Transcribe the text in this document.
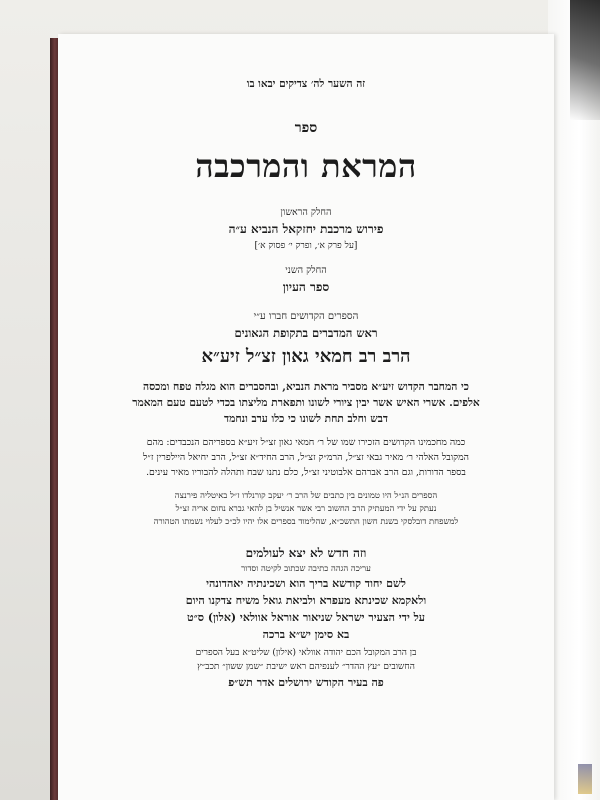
זה השער לה׳ צדיקים יבאו בו

ספר

המראת והמרכבה

החלק הראשון

פירוש מרכבת יחזקאל הנביא ע״ה

[על פרק א׳, ופרק י׳ פסוק א׳]

החלק השני

ספר העיון

הספרים הקדושים חברו ע״י

ראש המדברים בתקופת הגאונים

הרב רב חמאי גאון זצ״ל זיע״א

כי המחבר הקדוש זיע״א מסביר מראת הנביא, ובהסברים הוא מגלה טפח ומכסה

אלפים. אשרי האיש אשר יבין ציורי לשונו ותפארת מליצתו בכדי לטעם טעם המאמר

דבש וחלב תחת לשונו כי כלו ערב ונחמד

כמה מחכמינו הקדושים הזכירו שמו של ר׳ חמאי גאון זצ״ל זיע״א בספריהם הנכבדים: מהם

המקובל האלהי ר׳ מאיר גבאי זצ״ל, הרמ״ק זצ״ל, הרב החיד״א זצ״ל, הרב יחיאל היילפרין ז״ל

בספר הדורות, וגם הרב אברהם אלבוטיני זצ״ל, כלם נתנו שבח ותהלה להבוריו מאיר עינים.

הספרים הנ״ל היו טמונים בין כתבים של הרב ר׳ יעקב קורנלדו ז״ל באיטליה פירנצה

נעתק על ידי המעתיק הרב החשוב רבי אשר אנשיל בן להאי גברא נחום אריה זצ״ל

למשפחת דובלסקי בשנת חשון התשכ״א, שהלימוד בספרים אלו יהיו לכ״כ לעלוי נשמתו הטהורה

וזה חדש לא יצא לעולמים

עריכה הגהה כתיבה שכתוב לקיטה וסדור

לשם יחוד קודשא בריך הוא ושכינתיה יאהדונהי

ולאקמא שכינתא מעפרא ולביאת גואל משיח צדקנו היום

על ידי הצעיר ישראל שניאור אוראל אוולאי (אלון) ס״ט

בא סימן יש״א ברכה

בן הרב המקובל הכם יהודה אוולאי (אילון) שליט״א בעל הספרים

החשובים ״עץ ההדר״ לענפיהם ראש ישיבת ״שמן ששון״ תכב״ץ

פה בעיר הקודש ירושלים אדר תש״פ
